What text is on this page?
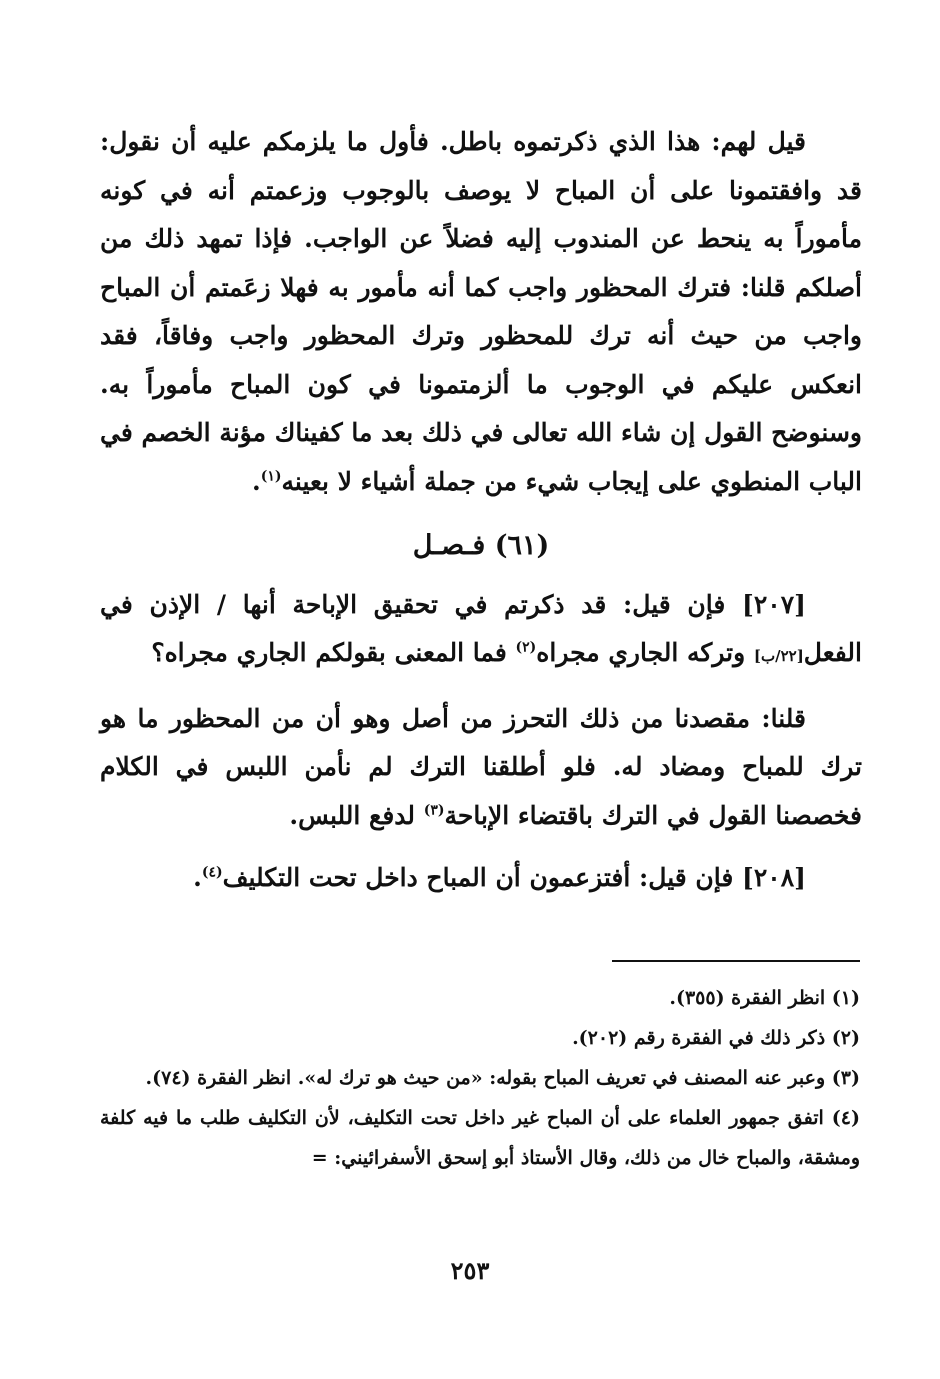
قيل لهم: هذا الذي ذكرتموه باطل. فأول ما يلزمكم عليه أن نقول: قد وافقتمونا على أن المباح لا يوصف بالوجوب وزعمتم أنه في كونه مأموراً به ينحط عن المندوب إليه فضلاً عن الواجب. فإذا تمهد ذلك من أصلكم قلنا: فترك المحظور واجب كما أنه مأمور به فهلا زعَمتم أن المباح واجب من حيث أنه ترك للمحظور وترك المحظور واجب وفاقاً، فقد انعكس عليكم في الوجوب ما ألزمتمونا في كون المباح مأموراً به. وسنوضح القول إن شاء الله تعالى في ذلك بعد ما كفيناك مؤنة الخصم في الباب المنطوي على إيجاب شيء من جملة أشياء لا بعينه$^{(١)}$.

(٦١) فـصـل

[٢٠٧] فإن قيل: قد ذكرتم في تحقيق الإباحة أنها / الإذن في الفعل[٢٢/ب] وتركه الجاري مجراه$^{(٢)}$ فما المعنى بقولكم الجاري مجراه؟

قلنا: مقصدنا من ذلك التحرز من أصل وهو أن من المحظور ما هو ترك للمباح ومضاد له. فلو أطلقنا الترك لم نأمن اللبس في الكلام فخصصنا القول في الترك باقتضاء الإباحة$^{(٣)}$ لدفع اللبس.

[٢٠٨] فإن قيل: أفتزعمون أن المباح داخل تحت التكليف$^{(٤)}$.

(١) انظر الفقرة (٣٥٥).

(٢) ذكر ذلك في الفقرة رقم (٢٠٢).

(٣) وعبر عنه المصنف في تعريف المباح بقوله: «من حيث هو ترك له». انظر الفقرة (٧٤).

(٤) اتفق جمهور العلماء على أن المباح غير داخل تحت التكليف، لأن التكليف طلب ما فيه كلفة ومشقة، والمباح خال من ذلك، وقال الأستاذ أبو إسحق الأسفرائيني: =

٢٥٣
